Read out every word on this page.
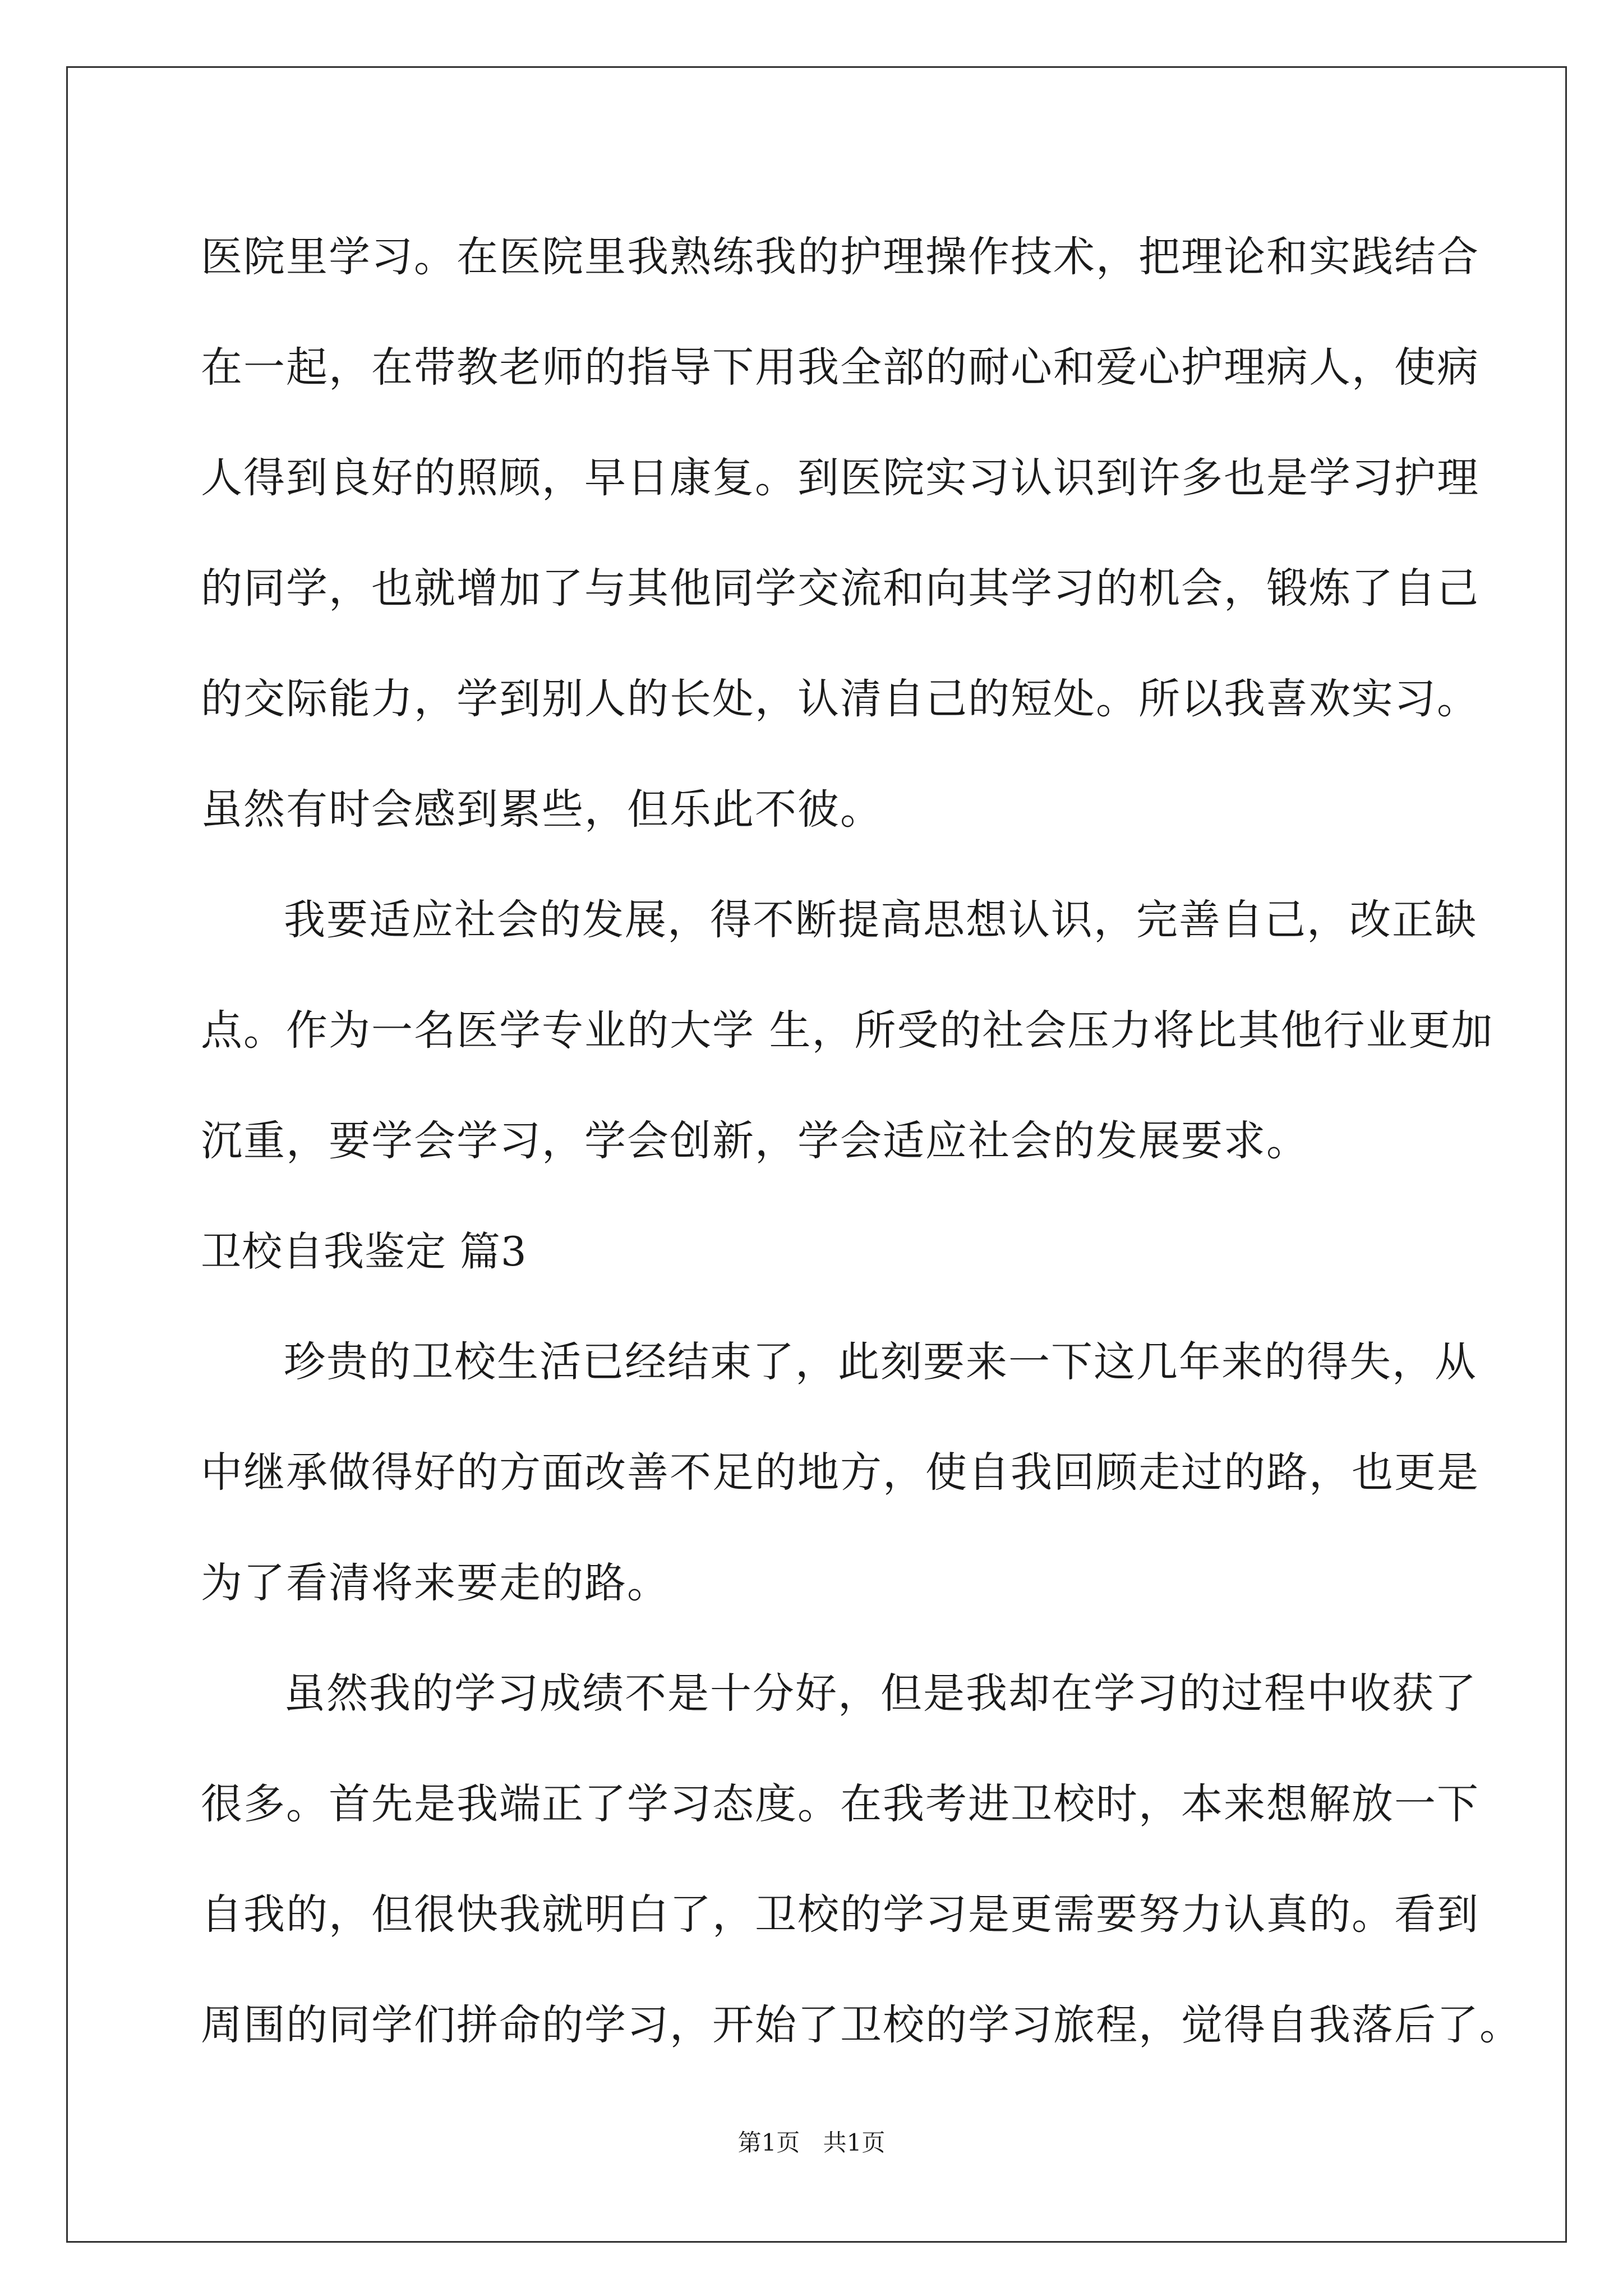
医院里学习。在医院里我熟练我的护理操作技术，把理论和实践结合
在一起，在带教老师的指导下用我全部的耐心和爱心护理病人，使病
人得到良好的照顾，早日康复。到医院实习认识到许多也是学习护理
的同学，也就增加了与其他同学交流和向其学习的机会，锻炼了自己
的交际能力，学到别人的长处，认清自己的短处。所以我喜欢实习。
虽然有时会感到累些，但乐此不彼。
我要适应社会的发展，得不断提高思想认识，完善自己，改正缺
点。作为一名医学专业的大学 生，所受的社会压力将比其他行业更加
沉重，要学会学习，学会创新，学会适应社会的发展要求。
卫校自我鉴定 篇3
珍贵的卫校生活已经结束了，此刻要来一下这几年来的得失，从
中继承做得好的方面改善不足的地方，使自我回顾走过的路，也更是
为了看清将来要走的路。
虽然我的学习成绩不是十分好，但是我却在学习的过程中收获了
很多。首先是我端正了学习态度。在我考进卫校时，本来想解放一下
自我的，但很快我就明白了，卫校的学习是更需要努力认真的。看到
周围的同学们拼命的学习，开始了卫校的学习旅程，觉得自我落后了。
第1页 共1页
